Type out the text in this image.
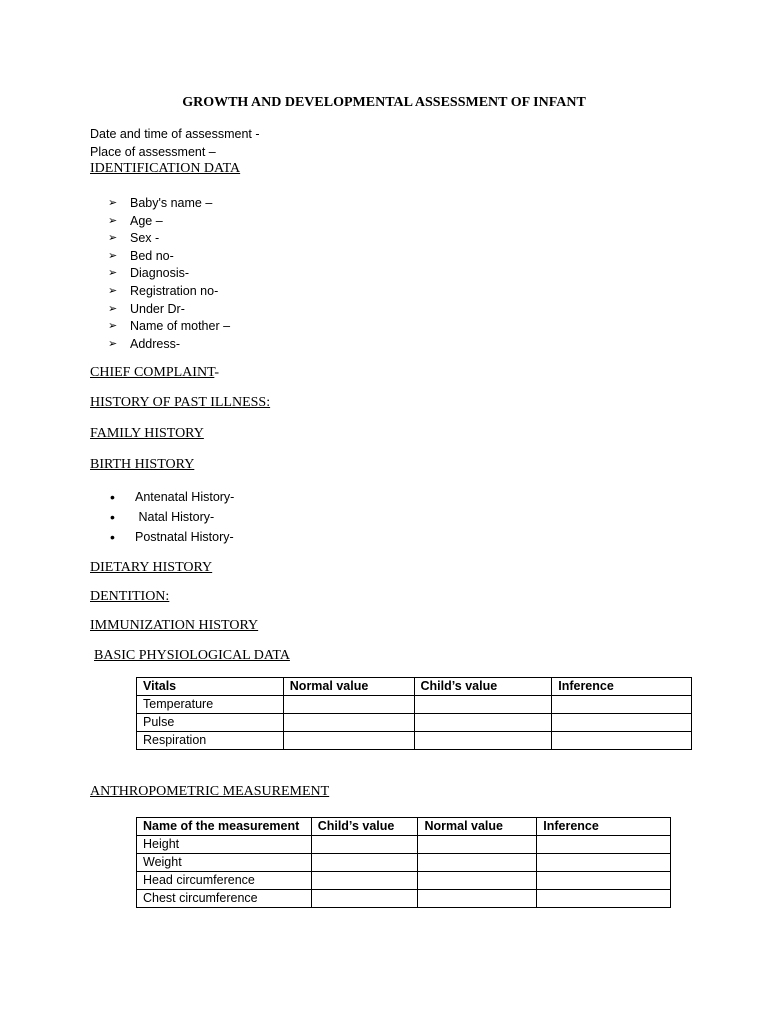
GROWTH AND DEVELOPMENTAL ASSESSMENT OF INFANT
Date and time of assessment -
Place of assessment –
IDENTIFICATION DATA
➢	Baby's name –
➢	Age –
➢	Sex -
➢	Bed no-
➢	Diagnosis-
➢	Registration no-
➢	Under Dr-
➢	Name of mother –
➢	Address-
CHIEF COMPLAINT-
HISTORY OF PAST ILLNESS:
FAMILY HISTORY
BIRTH HISTORY
•	Antenatal History-
•	Natal History-
•	Postnatal History-
DIETARY HISTORY
DENTITION:
IMMUNIZATION HISTORY
BASIC PHYSIOLOGICAL DATA
Vitals	Normal value	Child’s value	Inference
Temperature			
Pulse			
Respiration			
ANTHROPOMETRIC MEASUREMENT
Name of the measurement	Child’s value	Normal value	Inference
Height			
Weight			
Head circumference			
Chest circumference			
